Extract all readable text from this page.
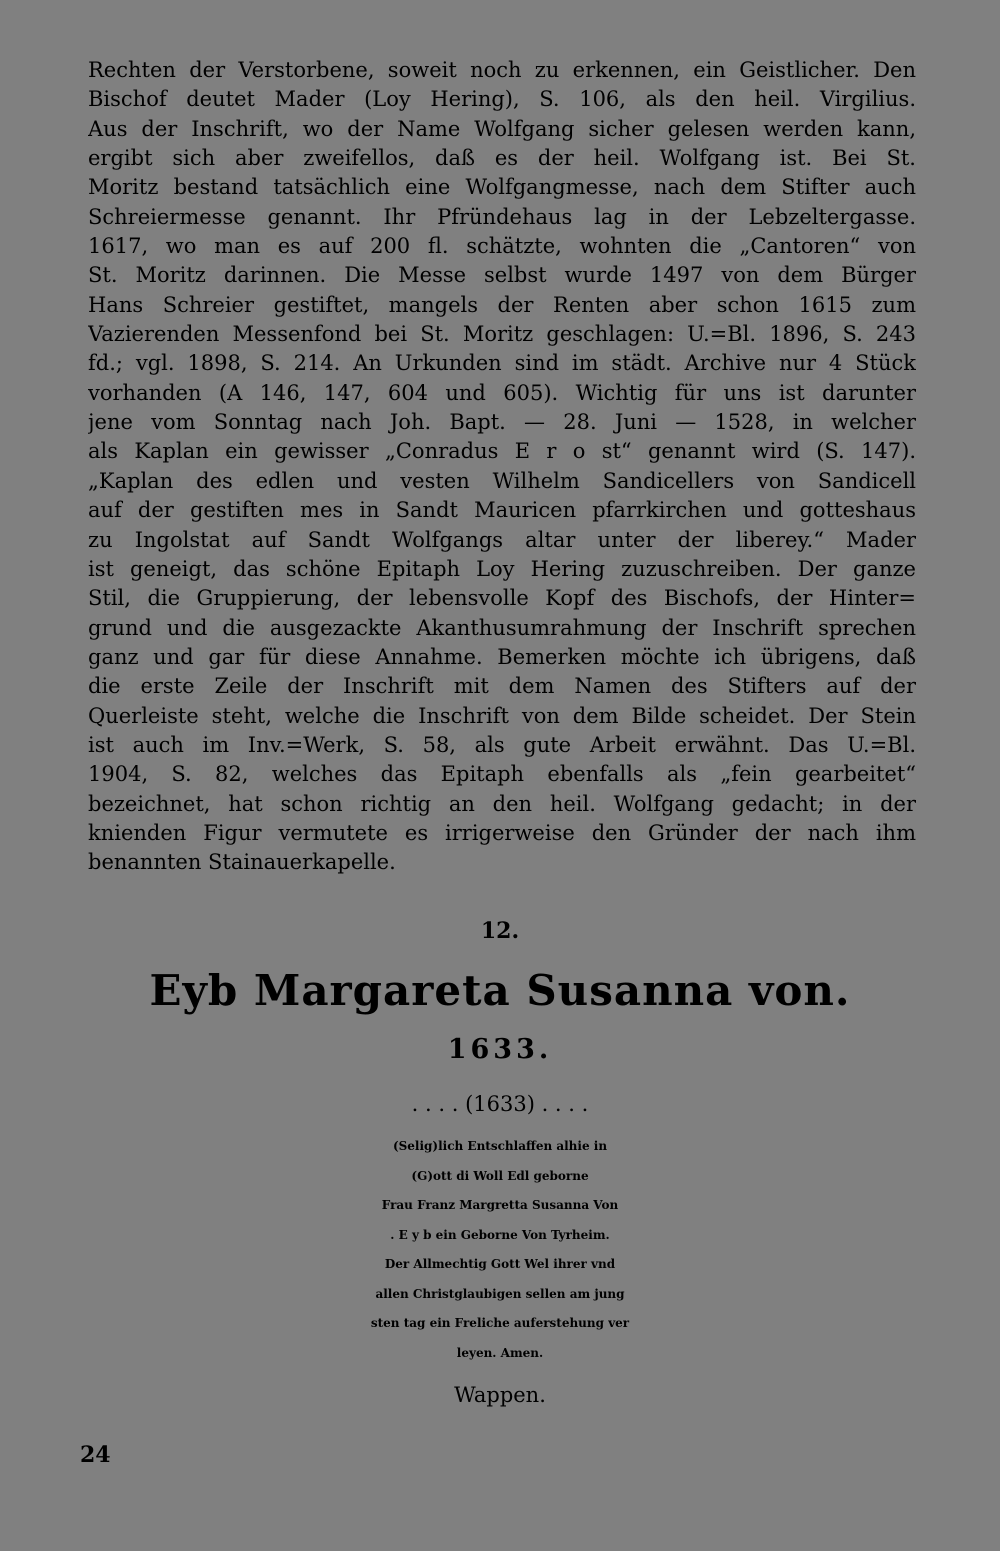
Rechten der Verstorbene, soweit noch zu erkennen, ein Geistlicher. Den
Bischof deutet Mader (Loy Hering), S. 106, als den heil. Virgilius.
Aus der Inschrift, wo der Name Wolfgang sicher gelesen werden kann,
ergibt sich aber zweifellos, daß es der heil. Wolfgang ist. Bei St.
Moritz bestand tatsächlich eine Wolfgangmesse, nach dem Stifter auch
Schreiermesse genannt. Ihr Pfründehaus lag in der Lebzeltergasse.
1617, wo man es auf 200 fl. schätzte, wohnten die „Cantoren“ von
St. Moritz darinnen. Die Messe selbst wurde 1497 von dem Bürger
Hans Schreier gestiftet, mangels der Renten aber schon 1615 zum
Vazierenden Messenfond bei St. Moritz geschlagen: U.=Bl. 1896, S. 243
fd.; vgl. 1898, S. 214. An Urkunden sind im städt. Archive nur 4 Stück
vorhanden (A 146, 147, 604 und 605). Wichtig für uns ist darunter
jene vom Sonntag nach Joh. Bapt. — 28. Juni — 1528, in welcher
als Kaplan ein gewisser „Conradus E r o st“ genannt wird (S. 147).
„Kaplan des edlen und vesten Wilhelm Sandicellers von Sandicell
auf der gestiften mes in Sandt Mauricen pfarrkirchen und gotteshaus
zu Ingolstat auf Sandt Wolfgangs altar unter der liberey.“ Mader
ist geneigt, das schöne Epitaph Loy Hering zuzuschreiben. Der ganze
Stil, die Gruppierung, der lebensvolle Kopf des Bischofs, der Hinter=
grund und die ausgezackte Akanthusumrahmung der Inschrift sprechen
ganz und gar für diese Annahme. Bemerken möchte ich übrigens, daß
die erste Zeile der Inschrift mit dem Namen des Stifters auf der
Querleiste steht, welche die Inschrift von dem Bilde scheidet. Der Stein
ist auch im Inv.=Werk, S. 58, als gute Arbeit erwähnt. Das U.=Bl.
1904, S. 82, welches das Epitaph ebenfalls als „fein gearbeitet“
bezeichnet, hat schon richtig an den heil. Wolfgang gedacht; in der
knienden Figur vermutete es irrigerweise den Gründer der nach ihm
benannten Stainauerkapelle.
12.
Eyb Margareta Susanna von.
1633.
. . . . (1633) . . . .
(Selig)lich Entschlaffen alhie in
(G)ott di Woll Edl geborne
Frau Franz Margretta Susanna Von
. E y b ein Geborne Von Tyrheim.
Der Allmechtig Gott Wel ihrer vnd
allen Christglaubigen sellen am jung
sten tag ein Freliche auferstehung ver
leyen. Amen.
Wappen.
24
